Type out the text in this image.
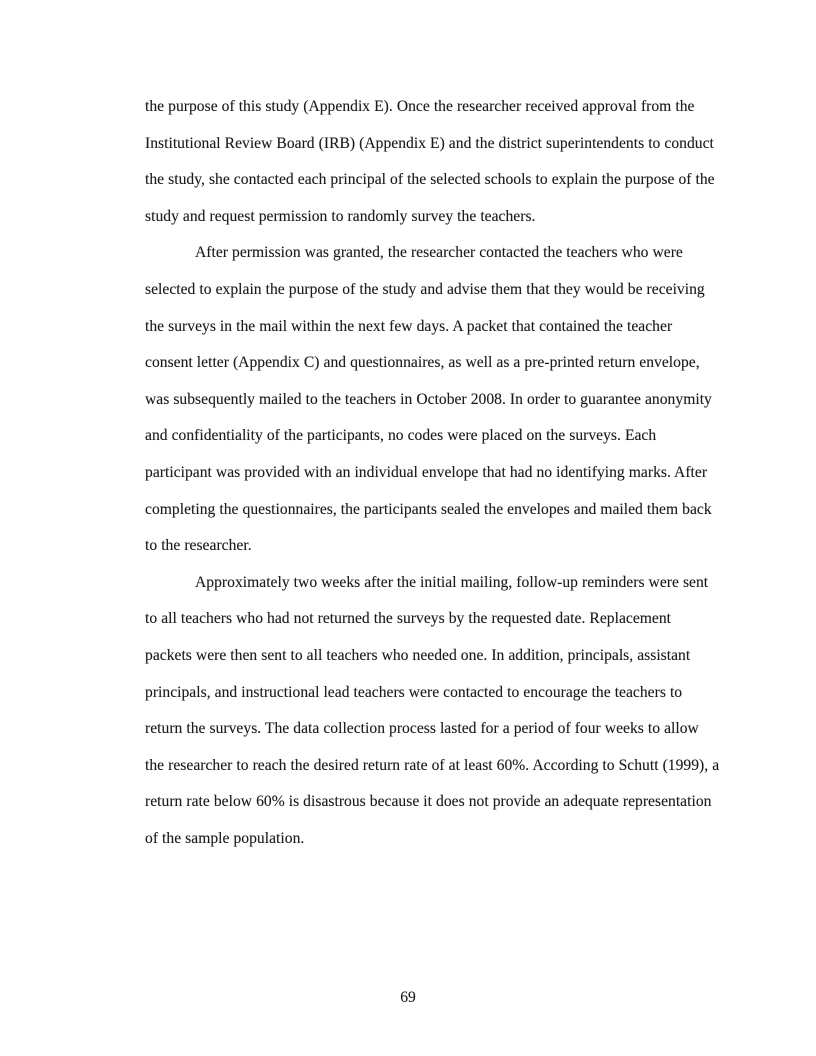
the purpose of this study (Appendix E). Once the researcher received approval from the Institutional Review Board (IRB) (Appendix E) and the district superintendents to conduct the study, she contacted each principal of the selected schools to explain the purpose of the study and request permission to randomly survey the teachers.

After permission was granted, the researcher contacted the teachers who were selected to explain the purpose of the study and advise them that they would be receiving the surveys in the mail within the next few days. A packet that contained the teacher consent letter (Appendix C) and questionnaires, as well as a pre-printed return envelope, was subsequently mailed to the teachers in October 2008. In order to guarantee anonymity and confidentiality of the participants, no codes were placed on the surveys. Each participant was provided with an individual envelope that had no identifying marks. After completing the questionnaires, the participants sealed the envelopes and mailed them back to the researcher.

Approximately two weeks after the initial mailing, follow-up reminders were sent to all teachers who had not returned the surveys by the requested date. Replacement packets were then sent to all teachers who needed one. In addition, principals, assistant principals, and instructional lead teachers were contacted to encourage the teachers to return the surveys. The data collection process lasted for a period of four weeks to allow the researcher to reach the desired return rate of at least 60%. According to Schutt (1999), a return rate below 60% is disastrous because it does not provide an adequate representation of the sample population.

69
